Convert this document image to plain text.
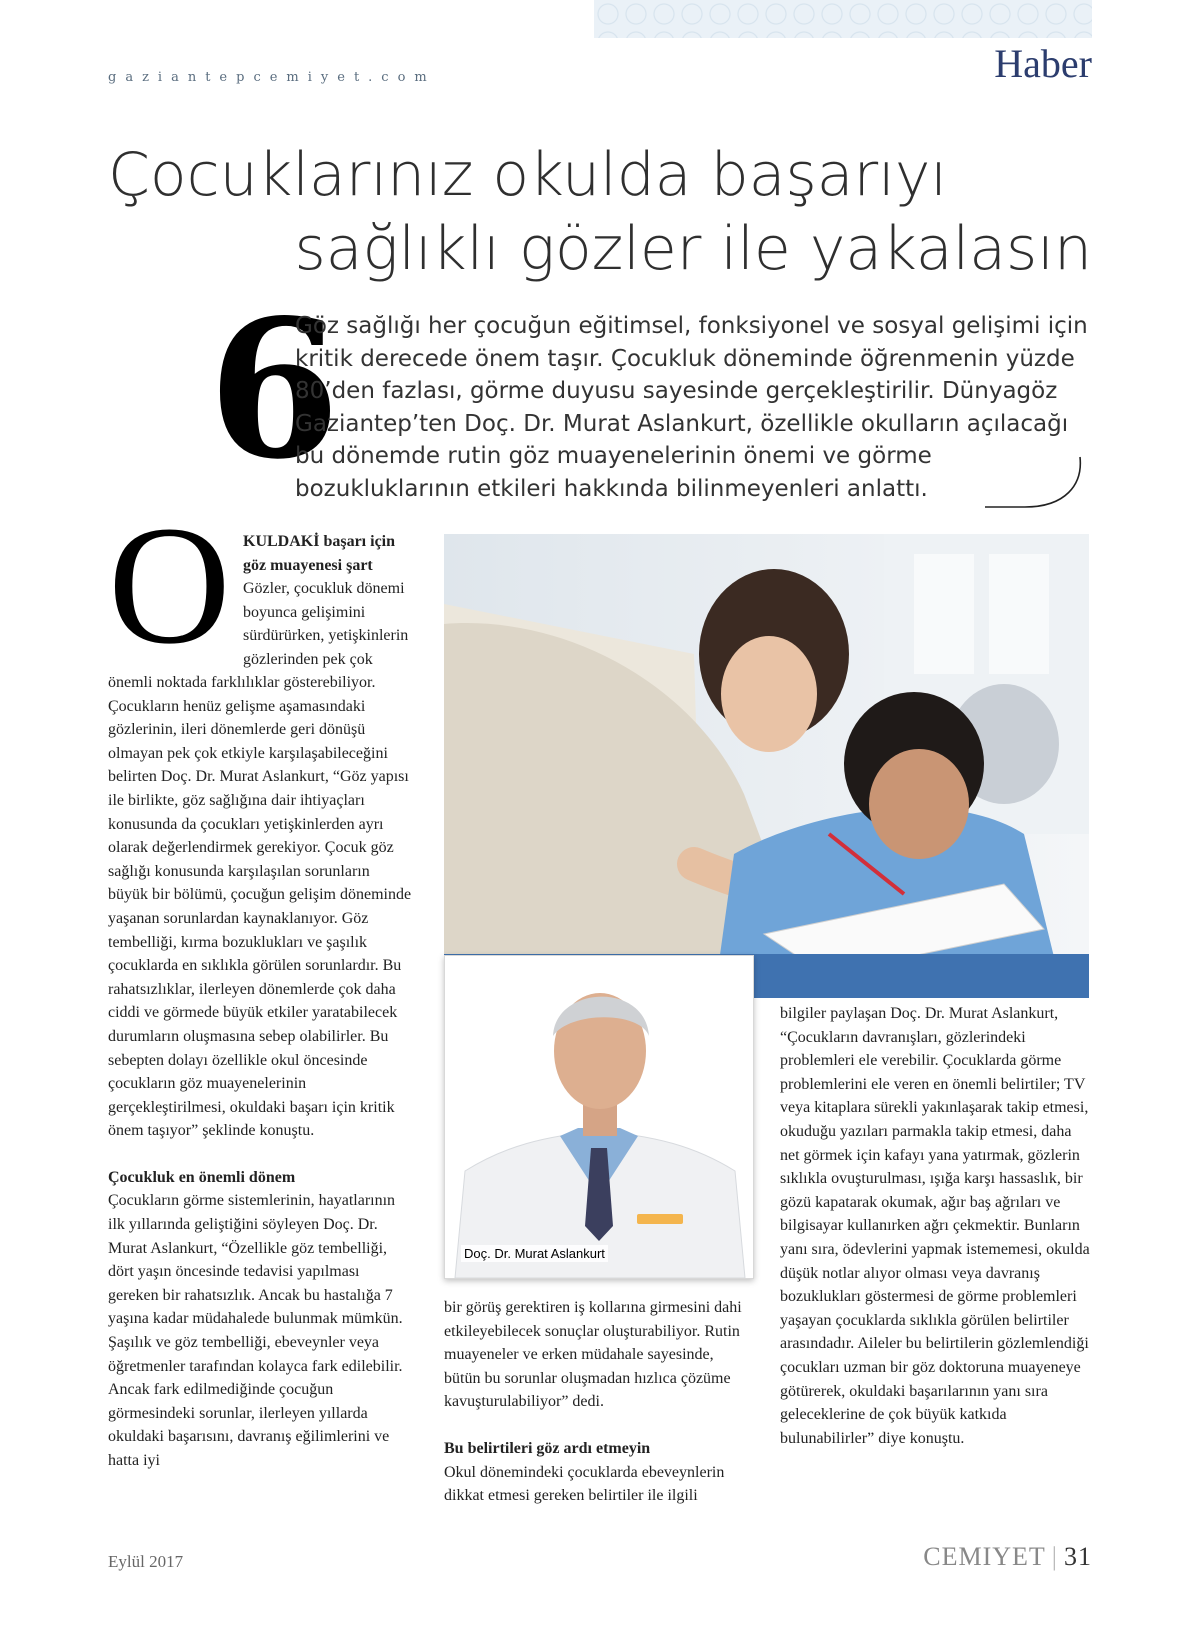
gaziantepcemiyet.com	Haber
Çocuklarınız okulda başarıyı
sağlıklı gözler ile yakalasın
6
Göz sağlığı her çocuğun eğitimsel, fonksiyonel ve sosyal gelişimi için kritik derecede önem taşır. Çocukluk döneminde öğrenmenin yüzde 80’den fazlası, görme duyusu sayesinde gerçekleştirilir. Dünyagöz Gaziantep’ten Doç. Dr. Murat Aslankurt, özellikle okulların açılacağı bu dönemde rutin göz muayenelerinin önemi ve görme bozukluklarının etkileri hakkında bilinmeyenleri anlattı.
O KULDAKİ başarı için göz muayenesi şart
Gözler, çocukluk dönemi boyunca gelişimini sürdürürken, yetişkinlerin gözlerinden pek çok

önemli noktada farklılıklar gösterebiliyor. Çocukların henüz gelişme aşamasındaki gözlerinin, ileri dönemlerde geri dönüşü olmayan pek çok etkiyle karşılaşabileceğini belirten Doç. Dr. Murat Aslankurt, “Göz yapısı ile birlikte, göz sağlığına dair ihtiyaçları konusunda da çocukları yetişkinlerden ayrı olarak değerlendirmek gerekiyor. Çocuk göz sağlığı konusunda karşılaşılan sorunların büyük bir bölümü, çocuğun gelişim döneminde yaşanan sorunlardan kaynaklanıyor. Göz tembelliği, kırma bozuklukları ve şaşılık çocuklarda en sıklıkla görülen sorunlardır. Bu rahatsızlıklar, ilerleyen dönemlerde çok daha ciddi ve görmede büyük etkiler yaratabilecek durumların oluşmasına sebep olabilirler. Bu sebepten dolayı özellikle okul öncesinde çocukların göz muayenelerinin gerçekleştirilmesi, okuldaki başarı için kritik önem taşıyor” şeklinde konuştu.

Çocukluk en önemli dönem

Çocukların görme sistemlerinin, hayatlarının ilk yıllarında geliştiğini söyleyen Doç. Dr. Murat Aslankurt, “Özellikle göz tembelliği, dört yaşın öncesinde tedavisi yapılması gereken bir rahatsızlık. Ancak bu hastalığa 7 yaşına kadar müdahalede bulunmak mümkün. Şaşılık ve göz tembelliği, ebeveynler veya öğretmenler tarafından kolayca fark edilebilir. Ancak fark edilmediğinde çocuğun görmesindeki sorunlar, ilerleyen yıllarda okuldaki başarısını, davranış eğilimlerini ve hatta iyi

Doç. Dr. Murat Aslankurt

bir görüş gerektiren iş kollarına girmesini dahi etkileyebilecek sonuçlar oluşturabiliyor. Rutin muayeneler ve erken müdahale sayesinde, bütün bu sorunlar oluşmadan hızlıca çözüme kavuşturulabiliyor” dedi.

Bu belirtileri göz ardı etmeyin

Okul dönemindeki çocuklarda ebeveynlerin dikkat etmesi gereken belirtiler ile ilgili

bilgiler paylaşan Doç. Dr. Murat Aslankurt, “Çocukların davranışları, gözlerindeki problemleri ele verebilir. Çocuklarda görme problemlerini ele veren en önemli belirtiler; TV veya kitaplara sürekli yakınlaşarak takip etmesi, okuduğu yazıları parmakla takip etmesi, daha net görmek için kafayı yana yatırmak, gözlerin sıklıkla ovuşturulması, ışığa karşı hassaslık, bir gözü kapatarak okumak, ağır baş ağrıları ve bilgisayar kullanırken ağrı çekmektir. Bunların yanı sıra, ödevlerini yapmak istememesi, okulda düşük notlar alıyor olması veya davranış bozuklukları göstermesi de görme problemleri yaşayan çocuklarda sıklıkla görülen belirtiler arasındadır. Aileler bu belirtilerin gözlemlendiği çocukları uzman bir göz doktoruna muayeneye götürerek, okuldaki başarılarının yanı sıra geleceklerine de çok büyük katkıda bulunabilirler” diye konuştu.

Eylül 2017	CEMIYET | 31
